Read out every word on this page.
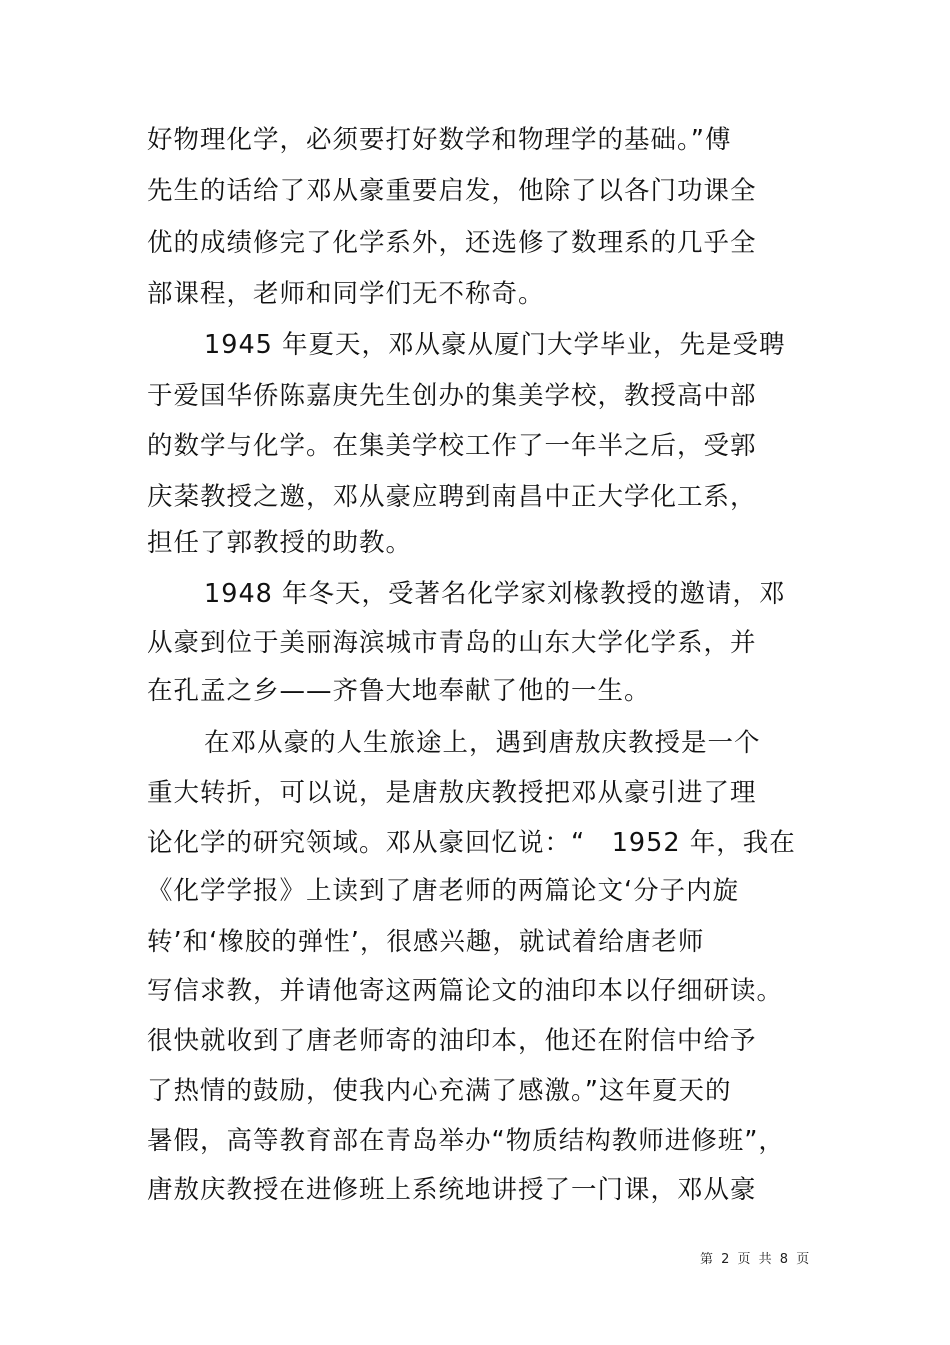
好物理化学，必须要打好数学和物理学的基础。”傅
先生的话给了邓从豪重要启发，他除了以各门功课全
优的成绩修完了化学系外，还选修了数理系的几乎全
部课程，老师和同学们无不称奇。
1945 年夏天，邓从豪从厦门大学毕业，先是受聘
于爱国华侨陈嘉庚先生创办的集美学校，教授高中部
的数学与化学。在集美学校工作了一年半之后，受郭
庆棻教授之邀，邓从豪应聘到南昌中正大学化工系，
担任了郭教授的助教。
1948 年冬天，受著名化学家刘椽教授的邀请，邓
从豪到位于美丽海滨城市青岛的山东大学化学系，并
在孔孟之乡——齐鲁大地奉献了他的一生。
在邓从豪的人生旅途上，遇到唐敖庆教授是一个
重大转折，可以说，是唐敖庆教授把邓从豪引进了理
论化学的研究领域。邓从豪回忆说：“　1952 年，我在
《化学学报》上读到了唐老师的两篇论文‘分子内旋
转’和‘橡胶的弹性’，很感兴趣，就试着给唐老师
写信求教，并请他寄这两篇论文的油印本以仔细研读。
很快就收到了唐老师寄的油印本，他还在附信中给予
了热情的鼓励，使我内心充满了感激。”这年夏天的
暑假，高等教育部在青岛举办“物质结构教师进修班”，
唐敖庆教授在进修班上系统地讲授了一门课，邓从豪
第 2 页 共 8 页
